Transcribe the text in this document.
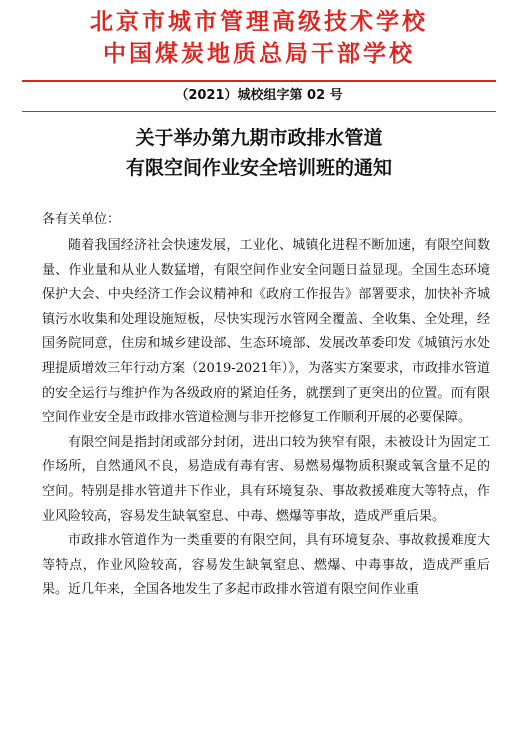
北京市城市管理高级技术学校
中国煤炭地质总局干部学校
（2021）城校组字第 02 号
关于举办第九期市政排水管道
有限空间作业安全培训班的通知
各有关单位：

随着我国经济社会快速发展，工业化、城镇化进程不断加速，有限空间数量、作业量和从业人数猛增，有限空间作业安全问题日益显现。全国生态环境保护大会、中央经济工作会议精神和《政府工作报告》部署要求，加快补齐城镇污水收集和处理设施短板，尽快实现污水管网全覆盖、全收集、全处理，经国务院同意，住房和城乡建设部、生态环境部、发展改革委印发《城镇污水处理提质增效三年行动方案（2019-2021年）》，为落实方案要求，市政排水管道的安全运行与维护作为各级政府的紧迫任务，就摆到了更突出的位置。而有限空间作业安全是市政排水管道检测与非开挖修复工作顺利开展的必要保障。

有限空间是指封闭或部分封闭，进出口较为狭窄有限，未被设计为固定工作场所，自然通风不良，易造成有毒有害、易燃易爆物质积聚或氧含量不足的空间。特别是排水管道井下作业，具有环境复杂、事故救援难度大等特点，作业风险较高，容易发生缺氧窒息、中毒、燃爆等事故，造成严重后果。

市政排水管道作为一类重要的有限空间，具有环境复杂、事故救援难度大等特点，作业风险较高，容易发生缺氧窒息、燃爆、中毒事故，造成严重后果。近几年来，全国各地发生了多起市政排水管道有限空间作业重
